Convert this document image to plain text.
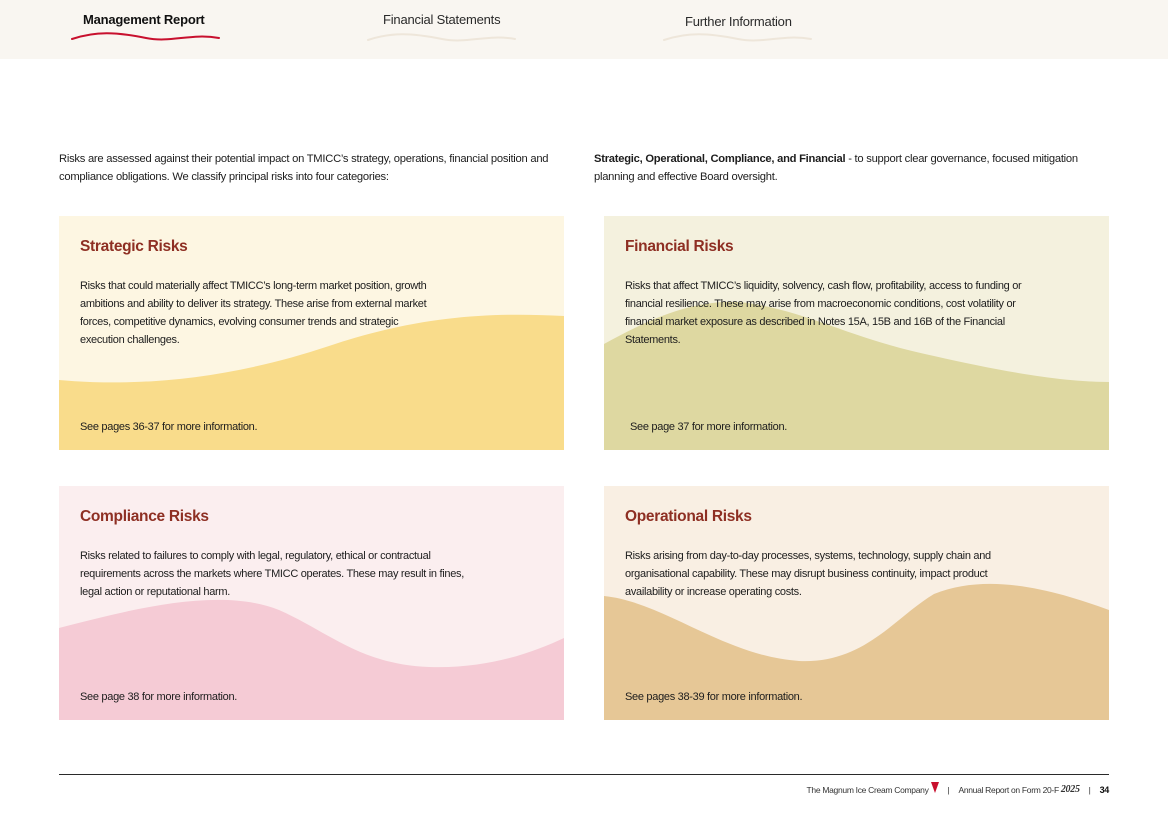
Management Report	Financial Statements	Further Information
Risks are assessed against their potential impact on TMICC’s strategy, operations, financial position and compliance obligations. We classify principal risks into four categories:
Strategic, Operational, Compliance, and Financial - to support clear governance, focused mitigation planning and effective Board oversight.
Strategic Risks

Risks that could materially affect TMICC’s long-term market position, growth ambitions and ability to deliver its strategy. These arise from external market forces, competitive dynamics, evolving consumer trends and strategic execution challenges.

See pages 36-37 for more information.
Financial Risks

Risks that affect TMICC’s liquidity, solvency, cash flow, profitability, access to funding or financial resilience. These may arise from macroeconomic conditions, cost volatility or financial market exposure as described in Notes 15A, 15B and 16B of the Financial Statements.

See page 37 for more information.
Compliance Risks

Risks related to failures to comply with legal, regulatory, ethical or contractual requirements across the markets where TMICC operates. These may result in fines, legal action or reputational harm.

See page 38 for more information.
Operational Risks

Risks arising from day-to-day processes, systems, technology, supply chain and organisational capability. These may disrupt business continuity, impact product availability or increase operating costs.

See pages 38-39 for more information.
The Magnum Ice Cream Company | Annual Report on Form 20-F 2025 | 34
